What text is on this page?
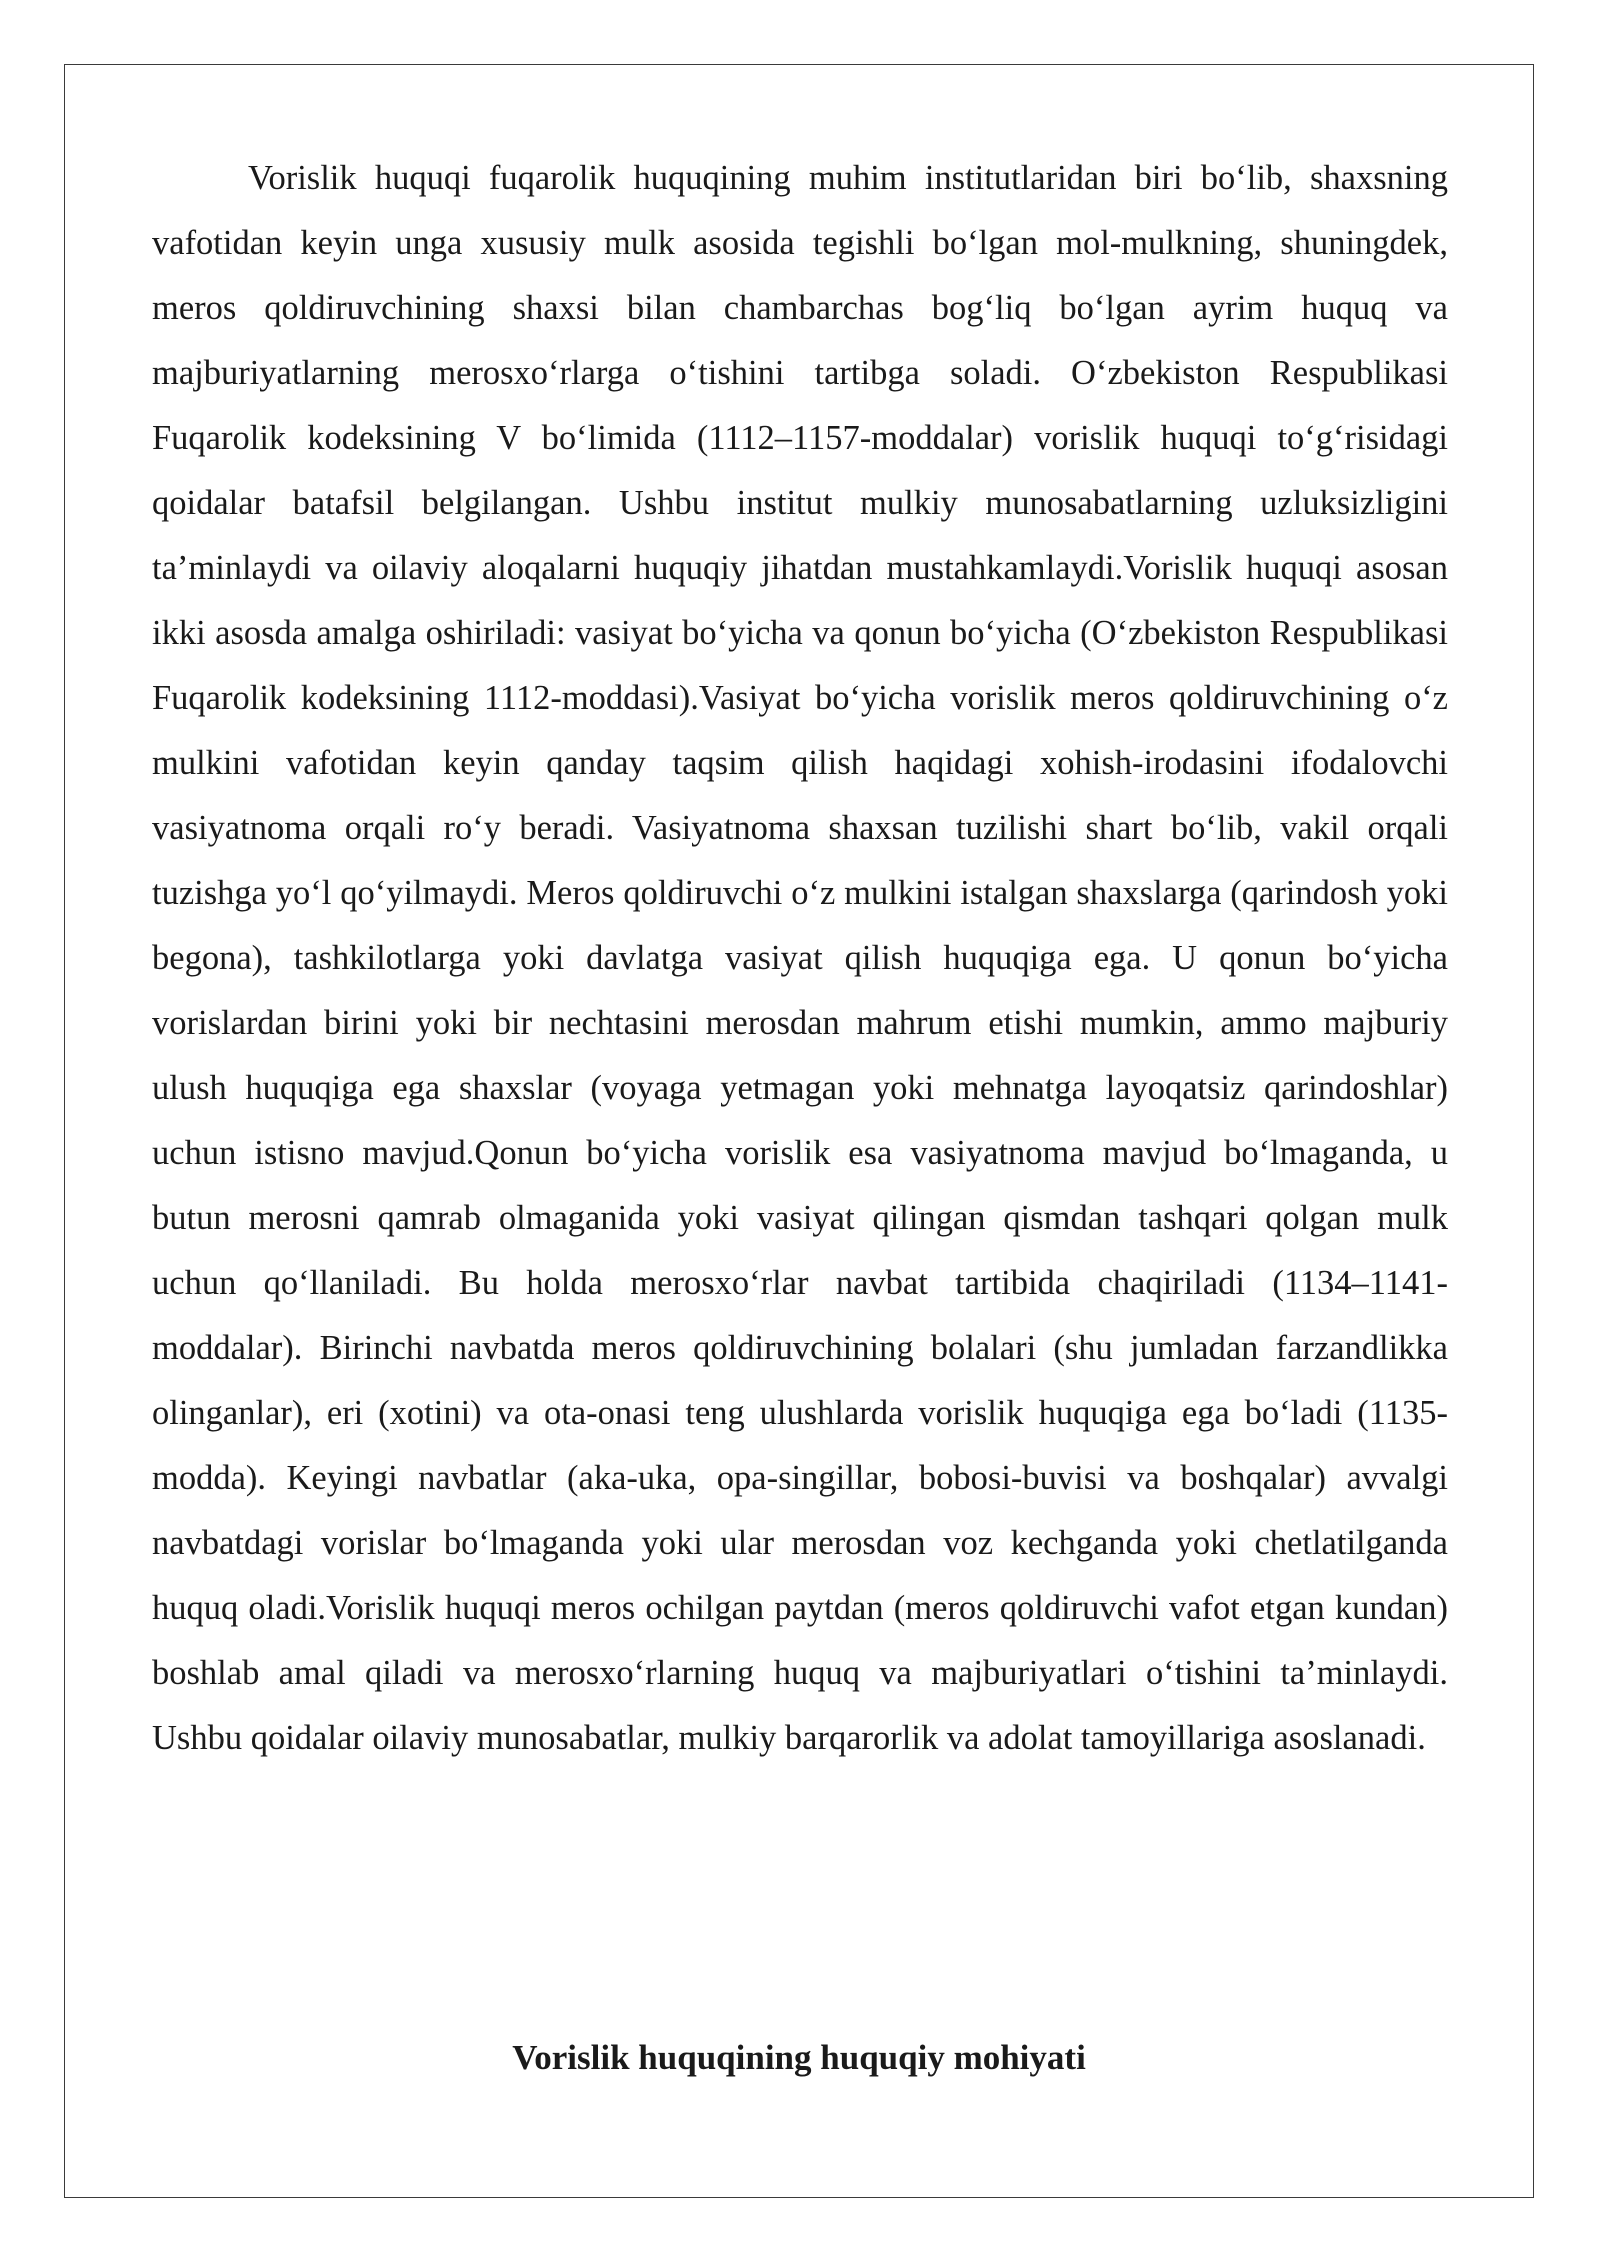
Vorislik huquqi fuqarolik huquqining muhim institutlaridan biri bo‘lib, shaxsning vafotidan keyin unga xususiy mulk asosida tegishli bo‘lgan mol-mulkning, shuningdek, meros qoldiruvchining shaxsi bilan chambarchas bog‘liq bo‘lgan ayrim huquq va majburiyatlarning merosxo‘rlarga o‘tishini tartibga soladi. O‘zbekiston Respublikasi Fuqarolik kodeksining V bo‘limida (1112–1157-moddalar) vorislik huquqi to‘g‘risidagi qoidalar batafsil belgilangan. Ushbu institut mulkiy munosabatlarning uzluksizligini ta’minlaydi va oilaviy aloqalarni huquqiy jihatdan mustahkamlaydi.Vorislik huquqi asosan ikki asosda amalga oshiriladi: vasiyat bo‘yicha va qonun bo‘yicha (O‘zbekiston Respublikasi Fuqarolik kodeksining 1112-moddasi).Vasiyat bo‘yicha vorislik meros qoldiruvchining o‘z mulkini vafotidan keyin qanday taqsim qilish haqidagi xohish-irodasini ifodalovchi vasiyatnoma orqali ro‘y beradi. Vasiyatnoma shaxsan tuzilishi shart bo‘lib, vakil orqali tuzishga yo‘l qo‘yilmaydi. Meros qoldiruvchi o‘z mulkini istalgan shaxslarga (qarindosh yoki begona), tashkilotlarga yoki davlatga vasiyat qilish huquqiga ega. U qonun bo‘yicha vorislardan birini yoki bir nechtasini merosdan mahrum etishi mumkin, ammo majburiy ulush huquqiga ega shaxslar (voyaga yetmagan yoki mehnatga layoqatsiz qarindoshlar) uchun istisno mavjud.Qonun bo‘yicha vorislik esa vasiyatnoma mavjud bo‘lmaganda, u butun merosni qamrab olmaganida yoki vasiyat qilingan qismdan tashqari qolgan mulk uchun qo‘llaniladi. Bu holda merosxo‘rlar navbat tartibida chaqiriladi (1134–1141-moddalar). Birinchi navbatda meros qoldiruvchining bolalari (shu jumladan farzandlikka olinganlar), eri (xotini) va ota-onasi teng ulushlarda vorislik huquqiga ega bo‘ladi (1135-modda). Keyingi navbatlar (aka-uka, opa-singillar, bobosi-buvisi va boshqalar) avvalgi navbatdagi vorislar bo‘lmaganda yoki ular merosdan voz kechganda yoki chetlatilganda huquq oladi.Vorislik huquqi meros ochilgan paytdan (meros qoldiruvchi vafot etgan kundan) boshlab amal qiladi va merosxo‘rlarning huquq va majburiyatlari o‘tishini ta’minlaydi. Ushbu qoidalar oilaviy munosabatlar, mulkiy barqarorlik va adolat tamoyillariga asoslanadi.

Vorislik huquqining huquqiy mohiyati
